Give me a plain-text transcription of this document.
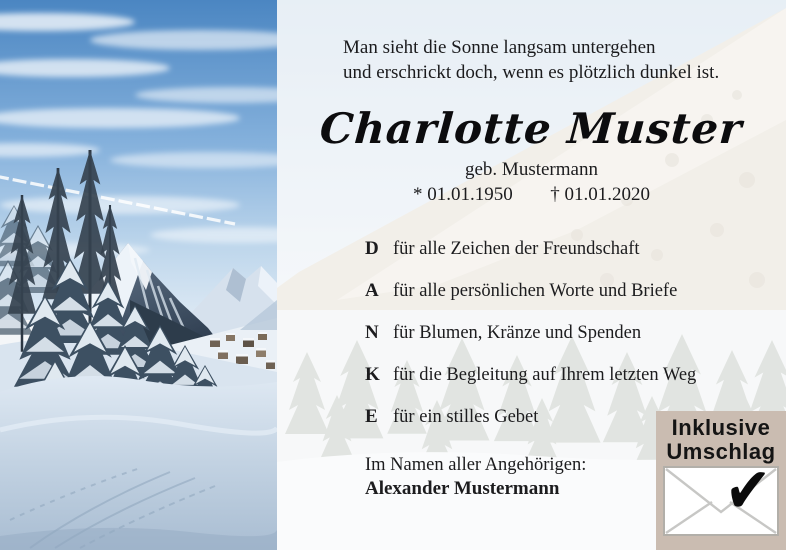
Man sieht die Sonne langsam untergehen
und erschrickt doch, wenn es plötzlich dunkel ist.
Charlotte Muster
geb. Mustermann
* 01.01.1950 † 01.01.2020
D für alle Zeichen der Freundschaft
A für alle persönlichen Worte und Briefe
N für Blumen, Kränze und Spenden
K für die Begleitung auf Ihrem letzten Weg
E für ein stilles Gebet
Im Namen aller Angehörigen:
Alexander Mustermann
Inklusive
Umschlag
✔
